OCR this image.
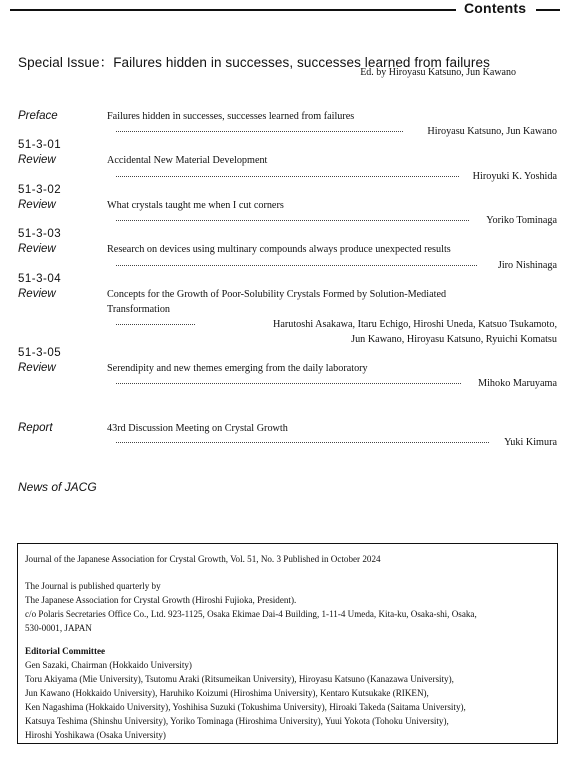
Contents
Special Issue：Failures hidden in successes, successes learned from failures
Ed. by Hiroyasu Katsuno, Jun Kawano
Preface	Failures hidden in successes, successes learned from failures
Hiroyasu Katsuno, Jun Kawano
51-3-01
Review	Accidental New Material Development
Hiroyuki K. Yoshida
51-3-02
Review	What crystals taught me when I cut corners
Yoriko Tominaga
51-3-03
Review	Research on devices using multinary compounds always produce unexpected results
Jiro Nishinaga
51-3-04
Review	Concepts for the Growth of Poor-Solubility Crystals Formed by Solution-Mediated
Transformation
Harutoshi Asakawa, Itaru Echigo, Hiroshi Uneda, Katsuo Tsukamoto,
Jun Kawano, Hiroyasu Katsuno, Ryuichi Komatsu
51-3-05
Review	Serendipity and new themes emerging from the daily laboratory
Mihoko Maruyama
Report	43rd Discussion Meeting on Crystal Growth
Yuki Kimura
News of JACG
Journal of the Japanese Association for Crystal Growth, Vol. 51, No. 3 Published in October 2024
The Journal is published quarterly by
The Japanese Association for Crystal Growth (Hiroshi Fujioka, President).
c/o Polaris Secretaries Office Co., Ltd. 923-1125, Osaka Ekimae Dai-4 Building, 1-11-4 Umeda, Kita-ku, Osaka-shi, Osaka,
530-0001, JAPAN
Editorial Committee
Gen Sazaki, Chairman (Hokkaido University)
Toru Akiyama (Mie University), Tsutomu Araki (Ritsumeikan University), Hiroyasu Katsuno (Kanazawa University),
Jun Kawano (Hokkaido University), Haruhiko Koizumi (Hiroshima University), Kentaro Kutsukake (RIKEN),
Ken Nagashima (Hokkaido University), Yoshihisa Suzuki (Tokushima University), Hiroaki Takeda (Saitama University),
Katsuya Teshima (Shinshu University), Yoriko Tominaga (Hiroshima University), Yuui Yokota (Tohoku University),
Hiroshi Yoshikawa (Osaka University)
